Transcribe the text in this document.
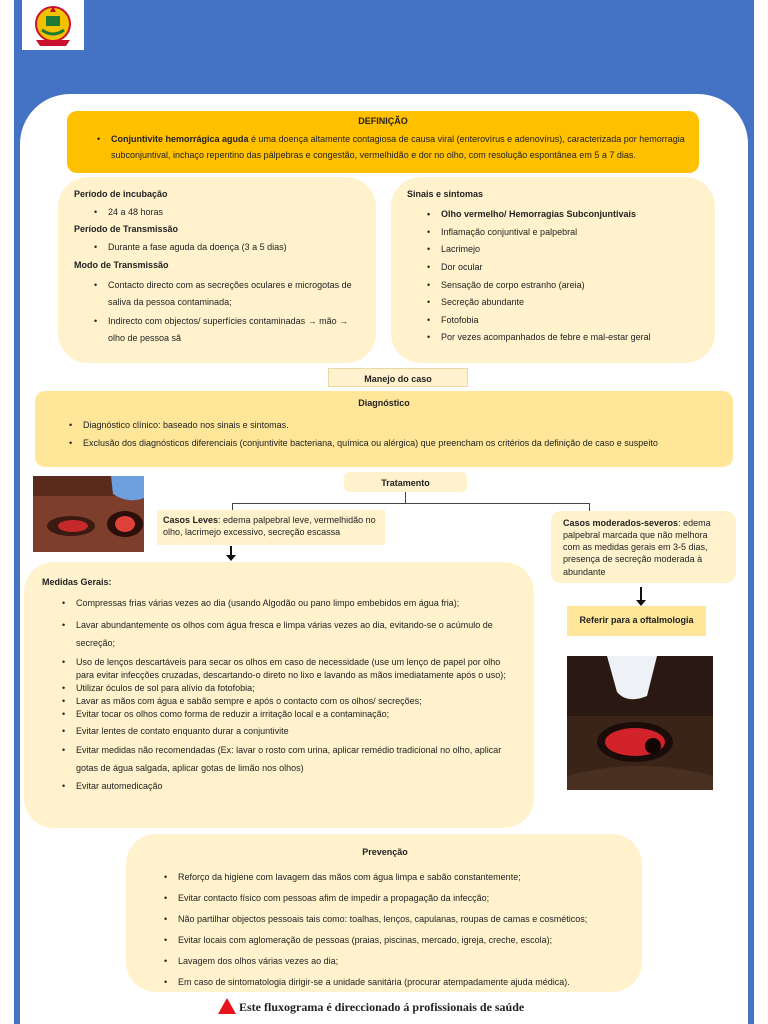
DEFINIÇÃO
• Conjuntivite hemorrágica aguda é uma doença altamente contagiosa de causa viral (enterovírus e adenovírus), caracterizada por hemorragia subconjuntival, inchaço repentino das pálpebras e congestão, vermelhidão e dor no olho, com resolução espontânea em 5 a 7 dias.
Período de incubação
• 24 a 48 horas
Período de Transmissão
• Durante a fase aguda da doença (3 a 5 dias)
Modo de Transmissão
• Contacto directo com as secreções oculares e microgotas de saliva da pessoa contaminada;
• Indirecto com objectos/ superfícies contaminadas → mão → olho de pessoa sã
Sinais e sintomas
• Olho vermelho/ Hemorragias Subconjuntivais
• Inflamação conjuntival e palpebral
• Lacrimejo
• Dor ocular
• Sensação de corpo estranho (areia)
• Secreção abundante
• Fotofobia
• Por vezes acompanhados de febre e mal-estar geral
Manejo do caso
Diagnóstico
• Diagnóstico clínico: baseado nos sinais e sintomas.
• Exclusão dos diagnósticos diferenciais (conjuntivite bacteriana, química ou alérgica) que preencham os critérios da definição de caso e suspeito
Tratamento
Casos Leves: edema palpebral leve, vermelhidão no olho, lacrimejo excessivo, secreção escassa
Casos moderados-severos: edema palpebral marcada que não melhora com as medidas gerais em 3-5 dias, presença de secreção moderada à abundante
Medidas Gerais:
• Compressas frias várias vezes ao dia (usando Algodão ou pano limpo embebidos em água fria);
• Lavar abundantemente os olhos com água fresca e limpa várias vezes ao dia, evitando-se o acúmulo de secreção;
• Uso de lenços descartáveis para secar os olhos em caso de necessidade (use um lenço de papel por olho para evitar infecções cruzadas, descartando-o direto no lixo e lavando as mãos imediatamente após o uso);
• Utilizar óculos de sol para alívio da fotofobia;
• Lavar as mãos com água e sabão sempre e após o contacto com os olhos/ secreções;
• Evitar tocar os olhos como forma de reduzir a irritação local e a contaminação;
• Evitar lentes de contato enquanto durar a conjuntivite
• Evitar medidas não recomendadas (Ex: lavar o rosto com urina, aplicar remédio tradicional no olho, aplicar gotas de água salgada, aplicar gotas de limão nos olhos)
• Evitar automedicação
Referir para a oftalmologia
Prevenção
• Reforço da higiene com lavagem das mãos com água limpa e sabão constantemente;
• Evitar contacto físico com pessoas afim de impedir a propagação da infecção;
• Não partilhar objectos pessoais tais como: toalhas, lenços, capulanas, roupas de camas e cosméticos;
• Evitar locais com aglomeração de pessoas (praias, piscinas, mercado, igreja, creche, escola);
• Lavagem dos olhos várias vezes ao dia;
• Em caso de sintomatologia dirigir-se a unidade sanitária (procurar atempadamente ajuda médica).
Este fluxograma é direccionado á profissionais de saúde
